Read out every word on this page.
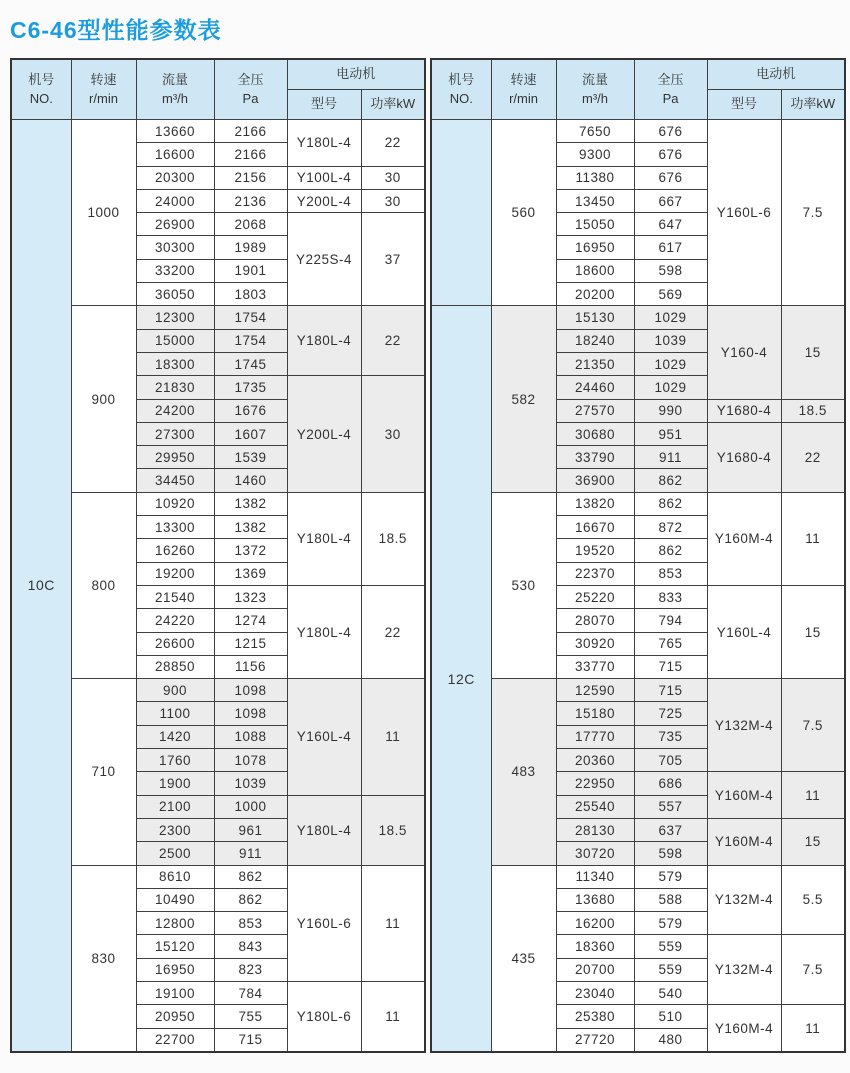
C6-46型性能参数表
机号
NO.

转速
r/min

流量
m³/h

全压
Pa
	电动机
				型号	功率kW
10C	1000	13660	2166	Y180L-4	22
		16600	2166		
		20300	2156	Y100L-4	30
		24000	2136	Y200L-4	30
		26900	2068	Y225S-4	37
		30300	1989		
		33200	1901		
		36050	1803		
	900	12300	1754	Y180L-4	22
		15000	1754		
		18300	1745		
		21830	1735	Y200L-4	30
		24200	1676		
		27300	1607		
		29950	1539		
		34450	1460		
	800	10920	1382	Y180L-4	18.5
		13300	1382		
		16260	1372		
		19200	1369		
		21540	1323	Y180L-4	22
		24220	1274		
		26600	1215		
		28850	1156		
	710	900	1098	Y160L-4	11
		1100	1098		
		1420	1088		
		1760	1078		
		1900	1039		
		2100	1000	Y180L-4	18.5
		2300	961		
		2500	911		
	830	8610	862	Y160L-6	11
		10490	862		
		12800	853		
		15120	843		
		16950	823		
		19100	784	Y180L-6	11
		20950	755		
		22700	715		
机号
NO.

转速
r/min

流量
m³/h

全压
Pa
	电动机
				型号	功率kW
	560	7650	676	Y160L-6	7.5
		9300	676		
		11380	676		
		13450	667		
		15050	647		
		16950	617		
		18600	598		
		20200	569		
12C	582	15130	1029	Y160-4	15
		18240	1039		
		21350	1029		
		24460	1029		
		27570	990	Y1680-4	18.5
		30680	951	Y1680-4	22
		33790	911		
		36900	862		
	530	13820	862	Y160M-4	11
		16670	872		
		19520	862		
		22370	853		
		25220	833	Y160L-4	15
		28070	794		
		30920	765		
		33770	715		
	483	12590	715	Y132M-4	7.5
		15180	725		
		17770	735		
		20360	705		
		22950	686	Y160M-4	11
		25540	557		
		28130	637	Y160M-4	15
		30720	598		
	435	11340	579	Y132M-4	5.5
		13680	588		
		16200	579		
		18360	559	Y132M-4	7.5
		20700	559		
		23040	540		
		25380	510	Y160M-4	11
		27720	480		
